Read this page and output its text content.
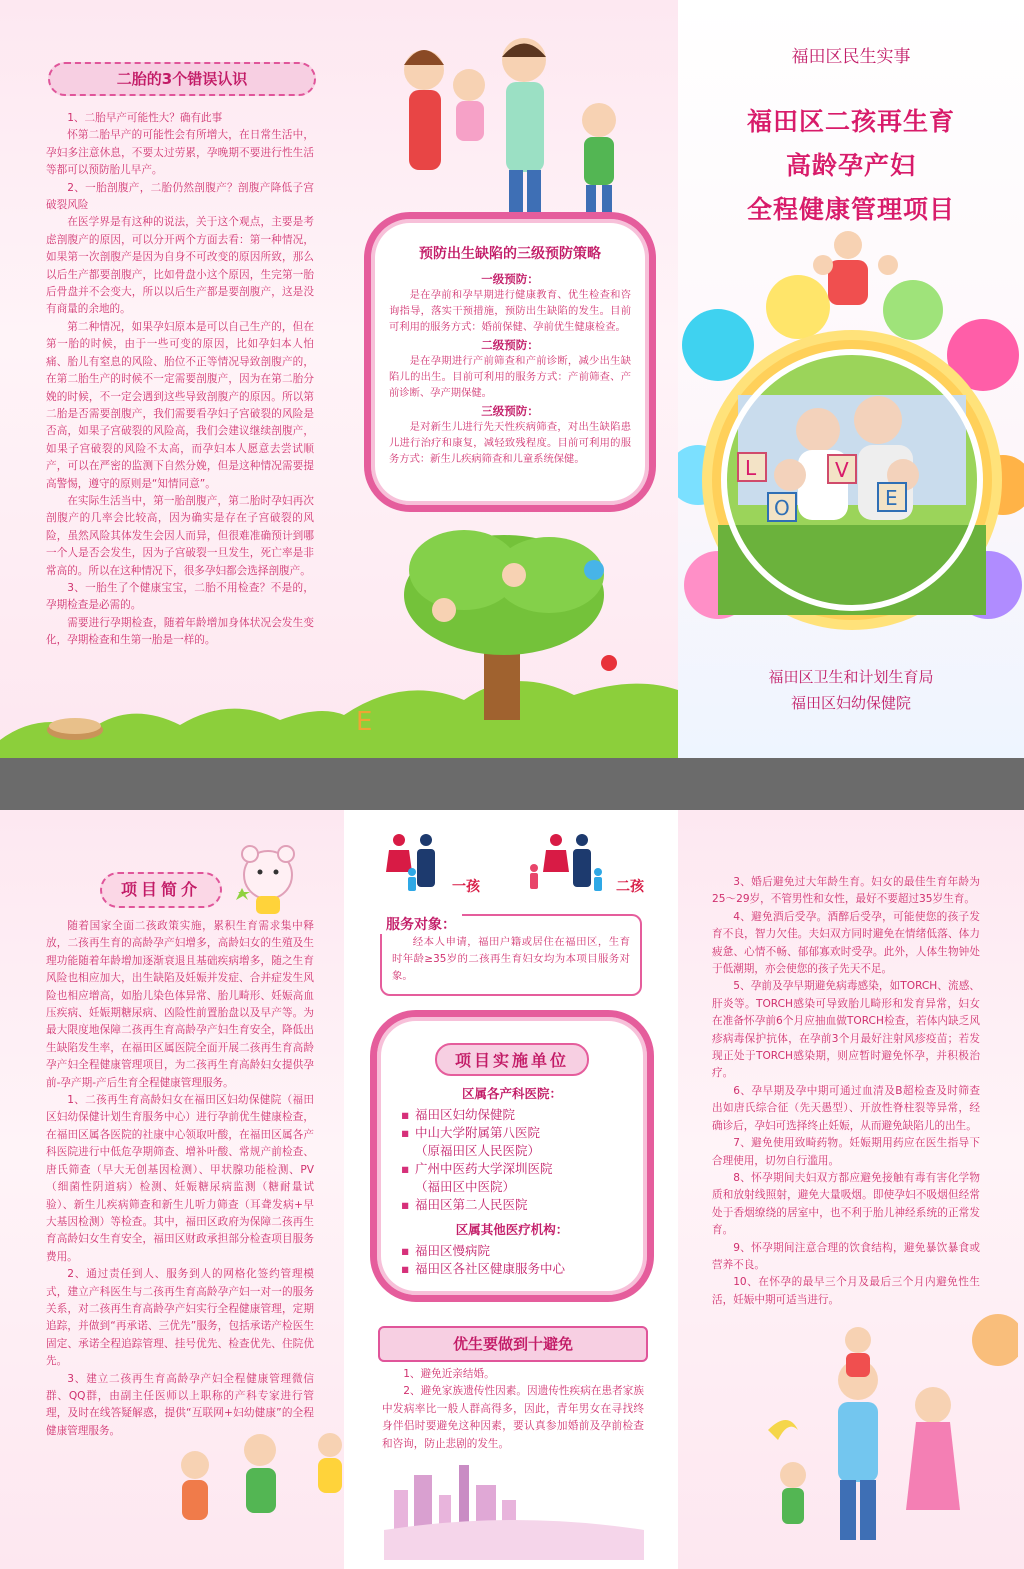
二胎的3个错误认识

1、二胎早产可能性大？确有此事

怀第二胎早产的可能性会有所增大，在日常生活中，孕妇多注意休息，不要太过劳累，孕晚期不要进行性生活等都可以预防胎儿早产。

2、一胎剖腹产，二胎仍然剖腹产？剖腹产降低子宫破裂风险

在医学界是有这种的说法，关于这个观点，主要是考虑剖腹产的原因，可以分开两个方面去看：第一种情况，如果第一次剖腹产是因为自身不可改变的原因所致，那么以后生产都要剖腹产，比如骨盘小这个原因，生完第一胎后骨盘并不会变大，所以以后生产都是要剖腹产，这是没有商量的余地的。

第二种情况，如果孕妇原本是可以自己生产的，但在第一胎的时候，由于一些可变的原因，比如孕妇本人怕痛、胎儿有窒息的风险、胎位不正等情况导致剖腹产的，在第二胎生产的时候不一定需要剖腹产，因为在第二胎分娩的时候，不一定会遇到这些导致剖腹产的原因。所以第二胎是否需要剖腹产，我们需要看孕妇子宫破裂的风险是否高，如果子宫破裂的风险高，我们会建议继续剖腹产，如果子宫破裂的风险不太高，而孕妇本人愿意去尝试顺产，可以在严密的监测下自然分娩，但是这种情况需要提高警惕，遵守的原则是“知情同意”。

在实际生活当中，第一胎剖腹产，第二胎时孕妇再次剖腹产的几率会比较高，因为确实是存在子宫破裂的风险，虽然风险其体发生会因人而异，但很难准确预计到哪一个人是否会发生，因为子宫破裂一旦发生，死亡率是非常高的。所以在这种情况下，很多孕妇都会选择剖腹产。

3、一胎生了个健康宝宝，二胎不用检查？不是的，孕期检查是必需的。

需要进行孕期检查，随着年龄增加身体状况会发生变化，孕期检查和生第一胎是一样的。

预防出生缺陷的三级预防策略
一级预防：
是在孕前和孕早期进行健康教育、优生检查和咨询指导，落实干预措施，预防出生缺陷的发生。目前可利用的服务方式：婚前保健、孕前优生健康检查。
二级预防：
是在孕期进行产前筛查和产前诊断，减少出生缺陷儿的出生。目前可利用的服务方式：产前筛查、产前诊断、孕产期保健。
三级预防：
是对新生儿进行先天性疾病筛查，对出生缺陷患儿进行治疗和康复，减轻致残程度。目前可利用的服务方式：新生儿疾病筛查和儿童系统保健。
E
福田区民生实事
福田区二孩再生育
高龄孕产妇
全程健康管理项目
L
O
V
E
福田区卫生和计划生育局
福田区妇幼保健院
项目简介

随着国家全面二孩政策实施，累积生育需求集中释放，二孩再生育的高龄孕产妇增多，高龄妇女的生殖及生理功能随着年龄增加逐渐衰退且基础疾病增多，随之生育风险也相应加大，出生缺陷及妊娠并发症、合并症发生风险也相应增高，如胎儿染色体异常、胎儿畸形、妊娠高血压疾病、妊娠期糖尿病、凶险性前置胎盘以及早产等。为最大限度地保障二孩再生育高龄孕产妇生育安全，降低出生缺陷发生率，在福田区属医院全面开展二孩再生育高龄孕产妇全程健康管理项目，为二孩再生育高龄妇女提供孕前-孕产期-产后生育全程健康管理服务。

1、二孩再生育高龄妇女在福田区妇幼保健院（福田区妇幼保健计划生育服务中心）进行孕前优生健康检查，在福田区属各医院的社康中心领取叶酸，在福田区属各产科医院进行中低危孕期筛查、增补叶酸、常规产前检查、唐氏筛查（早大无创基因检测）、甲状腺功能检测、PV（细菌性阴道病）检测、妊娠糖尿病监测（糖耐量试验）、新生儿疾病筛查和新生儿听力筛查（耳聋发病+早大基因检测）等检查。其中，福田区政府为保障二孩再生育高龄妇女生育安全，福田区财政承担部分检查项目服务费用。

2、通过责任到人、服务到人的网格化签约管理模式，建立产科医生与二孩再生育高龄孕产妇一对一的服务关系，对二孩再生育高龄孕产妇实行全程健康管理，定期追踪，并做到“再承诺、三优先”服务，包括承诺产检医生固定、承诺全程追踪管理、挂号优先、检查优先、住院优先。

3、建立二孩再生育高龄孕产妇全程健康管理微信群、QQ群，由副主任医师以上职称的产科专家进行管理，及时在线答疑解惑，提供“互联网+妇幼健康”的全程健康管理服务。

一孩	二孩
服务对象：
经本人申请，福田户籍或居住在福田区，生育时年龄≥35岁的二孩再生育妇女均为本项目服务对象。
项目实施单位
区属各产科医院：
▪ 福田区妇幼保健院
▪ 中山大学附属第八医院
（原福田区人民医院）
▪ 广州中医药大学深圳医院
（福田区中医院）
▪ 福田区第二人民医院
区属其他医疗机构：
▪ 福田区慢病院
▪ 福田区各社区健康服务中心
优生要做到十避免

1、避免近亲结婚。

2、避免家族遗传性因素。因遗传性疾病在患者家族中发病率比一般人群高得多，因此，青年男女在寻找终身伴侣时要避免这种因素，要认真参加婚前及孕前检查和咨询，防止悲剧的发生。

3、婚后避免过大年龄生育。妇女的最佳生育年龄为25～29岁，不管男性和女性，最好不要超过35岁生育。

4、避免酒后受孕。酒醉后受孕，可能使您的孩子发育不良，智力欠佳。夫妇双方同时避免在情绪低落、体力疲惫、心情不畅、郁郁寡欢时受孕。此外，人体生物钟处于低潮期，亦会使您的孩子先天不足。

5、孕前及孕早期避免病毒感染，如TORCH、流感、肝炎等。TORCH感染可导致胎儿畸形和发育异常，妇女在准备怀孕前6个月应抽血做TORCH检查，若体内缺乏风疹病毒保护抗体，在孕前3个月最好注射风疹疫苗；若发现正处于TORCH感染期，则应暂时避免怀孕，并积极治疗。

6、孕早期及孕中期可通过血清及B超检查及时筛查出如唐氏综合征（先天愚型）、开放性脊柱裂等异常，经确诊后，孕妇可选择终止妊娠，从而避免缺陷儿的出生。

7、避免使用致畸药物。妊娠期用药应在医生指导下合理使用，切勿自行滥用。

8、怀孕期间夫妇双方都应避免接触有毒有害化学物质和放射线照射，避免大量吸烟。即使孕妇不吸烟但经常处于香烟缭绕的居室中，也不利于胎儿神经系统的正常发育。

9、怀孕期间注意合理的饮食结构，避免暴饮暴食或营养不良。

10、在怀孕的最早三个月及最后三个月内避免性生活，妊娠中期可适当进行。
